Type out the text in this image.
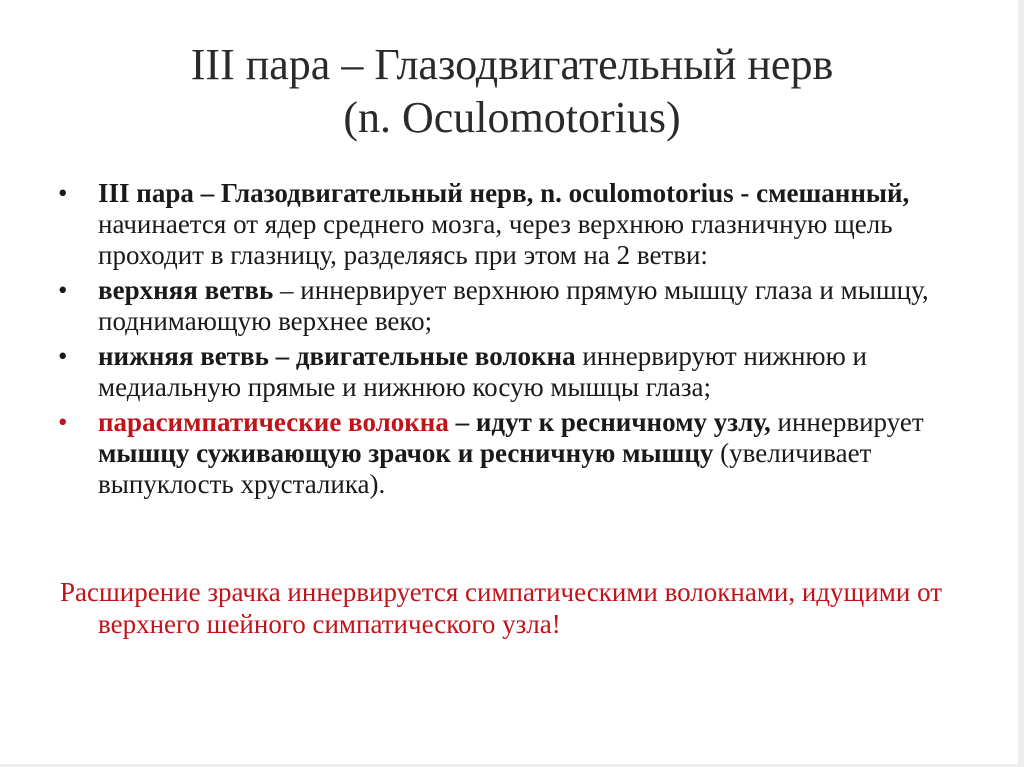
III пара – Глазодвигательный нерв
(n. Oculomotorius)
•	III пара – Глазодвигательный нерв, n. oculomotorius - смешанный, начинается от ядер среднего мозга, через верхнюю глазничную щель проходит в глазницу, разделяясь при этом на 2 ветви:
•	верхняя ветвь – иннервирует верхнюю прямую мышцу глаза и мышцу, поднимающую верхнее веко;
•	нижняя ветвь – двигательные волокна иннервируют нижнюю и медиальную прямые и нижнюю косую мышцы глаза;
•	парасимпатические волокна – идут к ресничному узлу, иннервирует мышцу суживающую зрачок и ресничную мышцу (увеличивает выпуклость хрусталика).
Расширение зрачка иннервируется симпатическими волокнами, идущими от верхнего шейного симпатического узла!
